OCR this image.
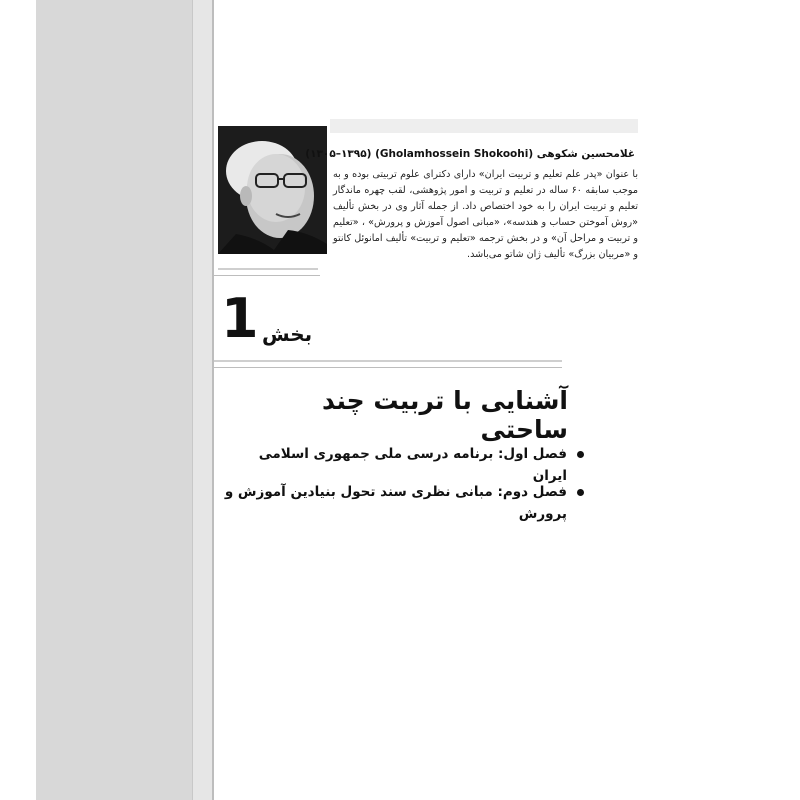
غلامحسین شکوهی (Gholamhossein Shokoohi) (۱۳۰۵–۱۳۹۵)
با عنوان «پدر علم تعلیم و تربیت ایران» دارای دکترای علوم تربیتی بوده و به موجب سابقه ۶۰ ساله در تعلیم و تربیت و امور پژوهشی، لقب چهره ماندگار تعلیم و تربیت ایران را به خود اختصاص داد. از جمله آثار وی در بخش تألیف «روش آموختن حساب و هندسه»، «مبانی اصول آموزش و پرورش» ، «تعلیم و تربیت و مراحل آن» و در بخش ترجمه «تعلیم و تربیت» تألیف امانوئل کانتو و «مربیان بزرگ» تألیف ژان شاتو می‌باشد.
1 بخش
آشنایی با تربیت چند ساحتی
فصل اول: برنامه درسی ملی جمهوری اسلامی ایران
فصل دوم: مبانی نظری سند تحول بنیادین آموزش و پرورش
